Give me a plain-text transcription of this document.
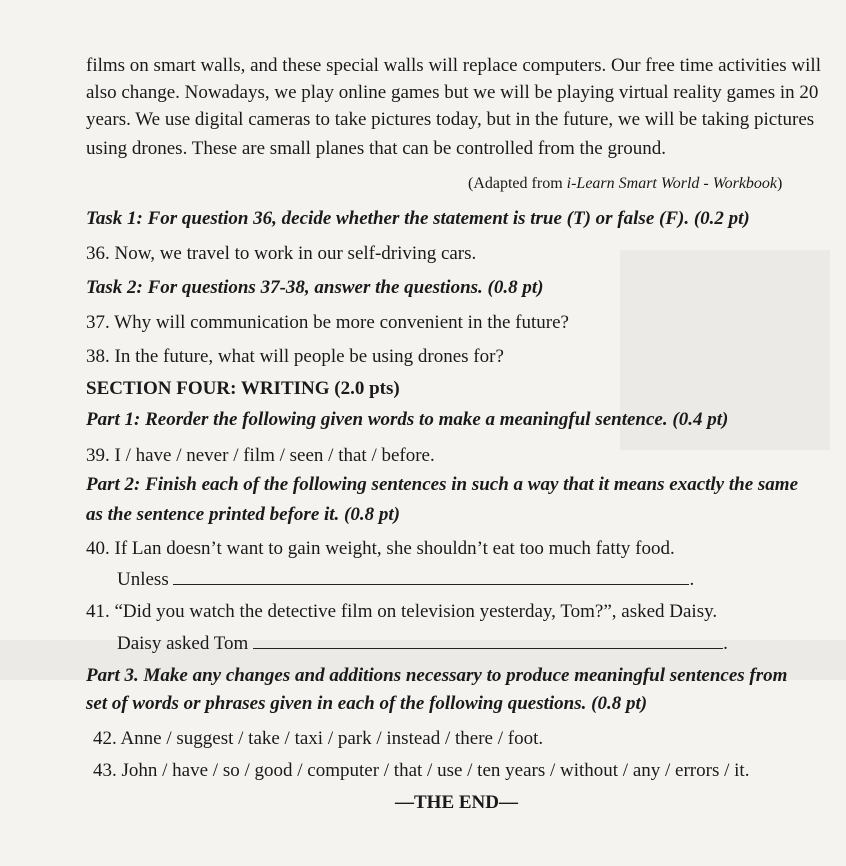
films on smart walls, and these special walls will replace computers. Our free time activities will
also change. Nowadays, we play online games but we will be playing virtual reality games in 20
years. We use digital cameras to take pictures today, but in the future, we will be taking pictures
using drones. These are small planes that can be controlled from the ground.
(Adapted from i-Learn Smart World - Workbook)
Task 1: For question 36, decide whether the statement is true (T) or false (F). (0.2 pt)
36. Now, we travel to work in our self-driving cars.
Task 2: For questions 37-38, answer the questions. (0.8 pt)
37. Why will communication be more convenient in the future?
38. In the future, what will people be using drones for?
SECTION FOUR: WRITING (2.0 pts)
Part 1: Reorder the following given words to make a meaningful sentence. (0.4 pt)
39. I / have / never / film / seen / that / before.
Part 2: Finish each of the following sentences in such a way that it means exactly the same
as the sentence printed before it. (0.8 pt)
40. If Lan doesn’t want to gain weight, she shouldn’t eat too much fatty food.
Unless	.
41. “Did you watch the detective film on television yesterday, Tom?”, asked Daisy.
Daisy asked Tom	.
Part 3. Make any changes and additions necessary to produce meaningful sentences from
set of words or phrases given in each of the following questions. (0.8 pt)
42. Anne / suggest / take / taxi / park / instead / there / foot.
43. John / have / so / good / computer / that / use / ten years / without / any / errors / it.
—THE END—
